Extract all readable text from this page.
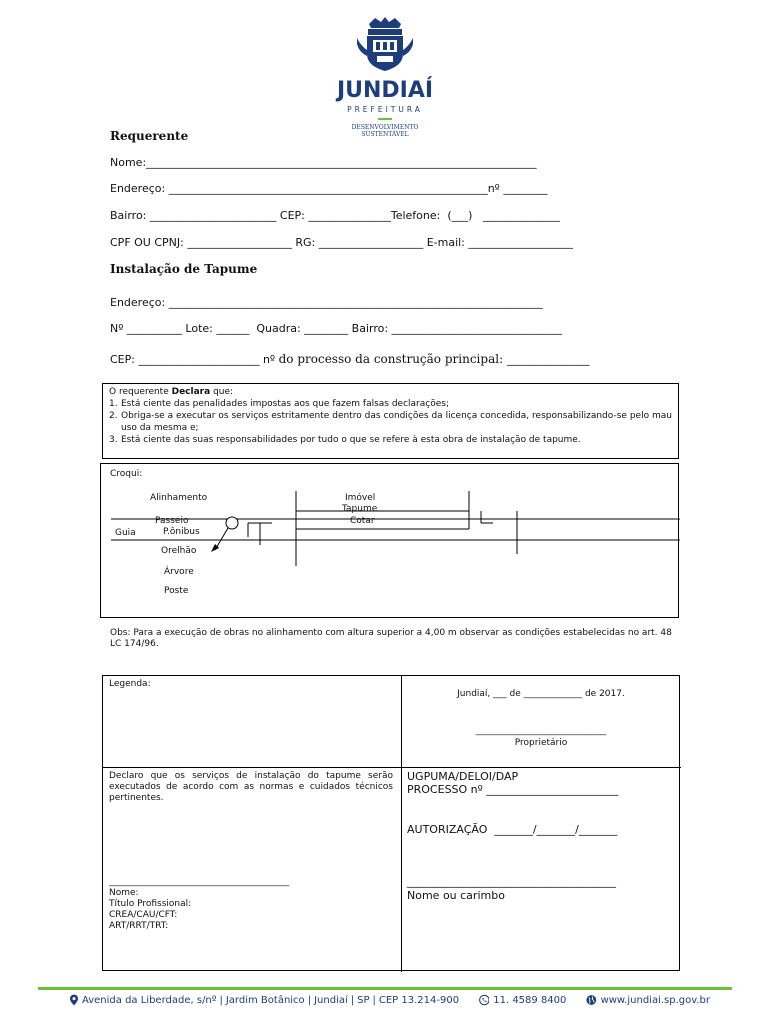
JUNDIAÍ
PREFEITURA
DESENVOLVIMENTO
SUSTENTÁVEL
Requerente
Nome:_______________________________________________________________________
Endereço: __________________________________________________________nº ________
Bairro: _______________________ CEP: _______________Telefone:  (___)   ______________
CPF OU CPNJ: ___________________ RG: ___________________ E-mail: ___________________
Instalação de Tapume
Endereço: ____________________________________________________________________
Nº __________ Lote: ______  Quadra: ________ Bairro: _______________________________
CEP: ______________________ nº do processo da construção principal: _______________
O requerente Declara que:
1. Está ciente das penalidades impostas aos que fazem falsas declarações;
2. Obriga-se a executar os serviços estritamente dentro das condições da licença concedida, responsabilizando-se pelo mau uso da mesma e;
3. Está ciente das suas responsabilidades por tudo o que se refere à esta obra de instalação de tapume.
Croqui:
Alinhamento	Imóvel
Tapume
Passeio	Cotar
Guia	P.ônibus
Orelhão
Árvore
Poste
Obs: Para a execução de obras no alinhamento com altura superior a 4,00 m observar as condições estabelecidas no art. 48 LC 174/96.
Legenda:
Jundiaí, ___ de _____________ de 2017.
_____________________________
Proprietário
Declaro que os serviços de instalação do tapume serão executados de acordo com as normas e cuidados técnicos pertinentes.
________________________________________
Nome:
Título Profissional:
CREA/CAU/CFT:
ART/RRT/TRT:
UGPUMA/DELOI/DAP
PROCESSO nº ________________________
AUTORIZAÇÃO  _______/_______/_______
______________________________________
Nome ou carimbo
Avenida da Liberdade, s/nº | Jardim Botânico | Jundiaí | SP | CEP 13.214-900	11. 4589 8400	www.jundiai.sp.gov.br
